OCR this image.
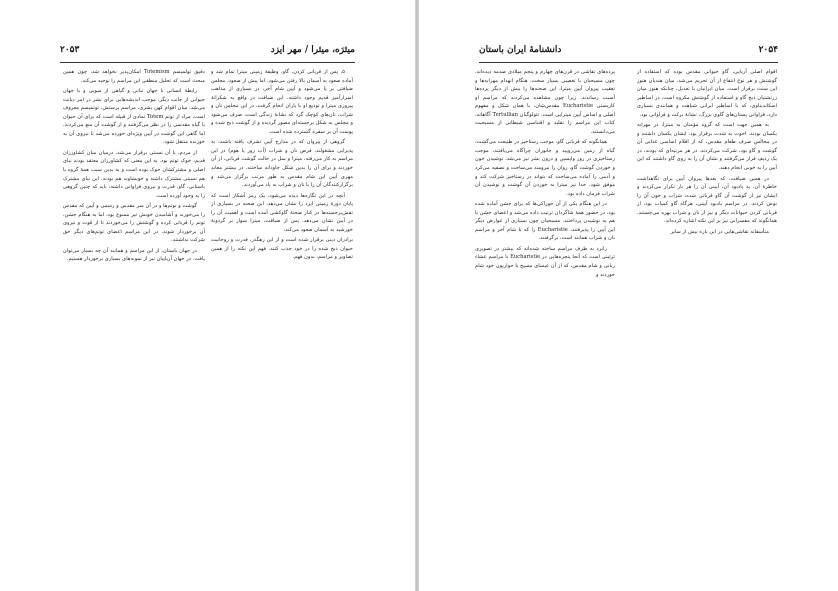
میثرَه، میثرا / مهر ایزد
۲۰۵۳

۵. پس از قربانی کردن، گاو، وظیفهٔ زمینی میترا تمام شد و آماده صعود به آسمان بالا رفتن می‌شود. اما پیش از صعود، مجلس ضیافتی بر پا می‌شود و آیین شام آخر، در بسیاری از مذاهب اسرارآمیز قدیم وجود داشته. این ضیافت در واقع به شکرانهٔ پیروزی میترا و تودیع او با یاران انجام گرفت. در این مجلس نان و شراب، نان‌های کوچک گرد که نشانهٔ زندگی است، صرف می‌شود و مجلس به شکل برجسته‌ای مصور گردیده و از گوشت ذبح شده و پوست آن بر سفره گسترده شده است.

گروهی از پیروان که در مدارج آیین تشرف یافته باشند، به پذیرایی مشغولند. قرص نان و شراب (آب زور یا هوم) در این مراسم به کار می‌رفته، میترا و سل در حالت گوشت قربانی، از آن خوردند و برای آن را بدین شکل جاودانه ساختند. در بیشتر معابد مهری آیین این شام مقدس به طور مرتب برگزار می‌شد و برگزارکنندگان آن را با نان و شراب به یاد می‌آوردند.

آنچه در این نگاره‌ها دیده می‌شود، یک رمز آشکار است که پایان دورهٔ زمینی ایزد را نشان می‌دهد. این صحنه در بسیاری از نقش‌برجسته‌ها در کنار صحنهٔ گاوکشی آمده است و اهمیت آن را در آیین نشان می‌دهد. پس از ضیافت، میترا سوار بر گردونهٔ خورشید به آسمان صعود می‌کند.

برادران دینی برقرار شده است و از این رهگذر، قدرت و روحانیت حیوان ذبح شده را در خود جذب کنند. فهم این نکته را از همین تصاویر و مراسم، بدون فهم.

دقیق تولمیسم Totemism امکان‌پذیر نخواهد شد، چون همین مبحث است که تحلیل منطقی این مراسم را توجیه می‌کند.

رابطهٔ انسانی با جهان نباتی و گیاهی از سویی و با جهان حیوانی از جانب دیگر، موجب اندیشه‌هایی برای بشر در امر دیانت می‌شد. میان اقوام کهن بشری، مراسم پرستش، توتمیسم معروف است. مراد از توتم Totem نمادی از قبیله است که برای آن حیوان یا گیاه مقدسی را در نظر می‌گرفتند و از گوشت آن منع می‌کردند. اما گاهی این گوشت در آیین ویژه‌ای خورده می‌شد تا نیروی آن به خورنده منتقل شود.

از مردم، با آن نسبتی برقرار می‌شد. درمیان میان کشاورزان قدیم، خوک توتم بود. به این معنی که کشاورزان معتقد بودند نیای اصلی و مشترکشان خوک بوده است و به بدین سبب همهٔ گروه با هم نسبتی مشترک داشته و خویشاوند هم بودند. این نیای مشترک باستانی، گاو، قدرت و نیروی فراوانی داشته، باید که چنین گروهی را به وجود آورده است.

گوشت و توتم‌ها و در آن سر مقدس و رسمی و آیین که مقدس را می‌خورند و آشامیدن خونش نیز ممنوع بود، اما به هنگام جشن، توتم را قربانی کرده و گوشتش را می‌خوردند تا از قوت و نیروی آن برخوردار شوند. در این مراسم اعضای توتم‌های دیگر حق شرکت نداشتند.

در جهان باستان، از این مراسم و همانند آن چه بسیار می‌توان یافت. در جهان آریاییان نیز از نمونه‌های بسیاری برخوردار هستیم.

۲۰۵۴
دانشنامهٔ ایران باستان

اقوام اصلی آریایی، گاو حیوانی مقدس بوده که استفاده از گوشتش و هر نوع انتفاع از آن تحریم می‌شد. میان هندیان هنوز این سنت برقرار است. میان ایرانیان با تعدیل، چنانکه هنوز میان زرتشتیان ذبح گاو و استفاده از گوشتش مکروه است. در اساطیر اسکاندیناوی، که با اساطیر ایرانی شباهت و همانندی بسیاری دارد، فراوانی پستان‌های گاوی بزرگ، نشانهٔ برکت و فراوانی بود.

به همین جهت است که گروه مؤمنان به میترا، در مهرابه یکسان بودند. اخوت به شدت برقرار بود. ایشان یکسان داشتند و در مجالس صرف طعام مقدس، که از اقلام اساسی غذایی آن گوشت و گاو بود، شرکت می‌کردند. در هر مرتبه‌ای که بودند، در یک ردیف قرار می‌گرفتند و نشان آن را به روی گاو داشتند که این آیین را به خوبی انجام دهند.

در همین ضیافت، که بعدها پیروان آیین برای نگاهداشت خاطرهٔ آن، به یادبود آن، آیینی آن را هر بار تکرار می‌کردند و ایشان نیز از گوشت آن گاو قربانی شده، شراب و خون آن را نوش کردند. در مراسم یادبود آیینی، هرگاه گاو کمیاب بود، از قربانی کردن حیوانات دیگر و نیز از نان و شراب بهره می‌جستند. همانگونه که مفسرانی نیز بر این نکته اشاره کرده‌اند.

متأسفانه نقاشی‌هایی در این باره بیش از سایر

پرده‌های نقاشی در قرن‌های چهارم و پنجم میلادی صدمه دیده‌اند. چون مسیحیان با تعصبی بسیار سخت، هنگام انهدام مهرابه‌ها و تعقیب پیروان آیین میترا، این صحنه‌ها را بیش از دیگر پرده‌ها آسیب رساندند. زیرا چون مشاهده می‌کردند که مراسم او کاریستی Eucharistie مقدس‌شان، با همان شکل و مفهوم اصلی و اساس آیین میترایی است. تئولوگیان Tertullian آگاهانه، کتاب این مراسم را تقلید و اقتباسی شیطانی از مسیحیت می‌دانستند.

همانگونه که قربانی گاو، موجب رستاخیز در طبیعت می‌گشت، گیاه از زمین می‌رویید و جانوران چراگاه می‌یافتند، موجب رستاخیزی در روز واپسین و درون بشر نیز می‌شد. نوشیدن خون و خوردن گوشت گاو، روان را نیرومند می‌ساخت و تصفیه می‌کرد و آدمی را آماده می‌ساخت که بتواند در رستاخیز شرکت کند و موفق شود. خدا نیز میترا به خوردن آن گوشت و نوشیدن آن شراب فرمان داده بود.

در این هنگام یکی از آن خوراکی‌ها که برای جشن آماده شده بود، در حضور همهٔ شاگردان ترتیب داده می‌شد و اعضای جشن با هم به نوشیدن پرداختند. مسیحیان چون بسیاری از عوارض دیگر این آیین را پذیرفتند، Eucharistie را که با شام آخر و مراسم نان و شراب همانند است، برگرفتند.

رابرد به طرف مراسم ساخته شده‌اند که بیشتر در تصویری تزئینی است که آنجا پنجره‌هایی در Eucharistie با مراسم عشا‌ء ربانی و شام مقدس، که از آن عیسای مسیح با حواریون خود شام خوردند و
